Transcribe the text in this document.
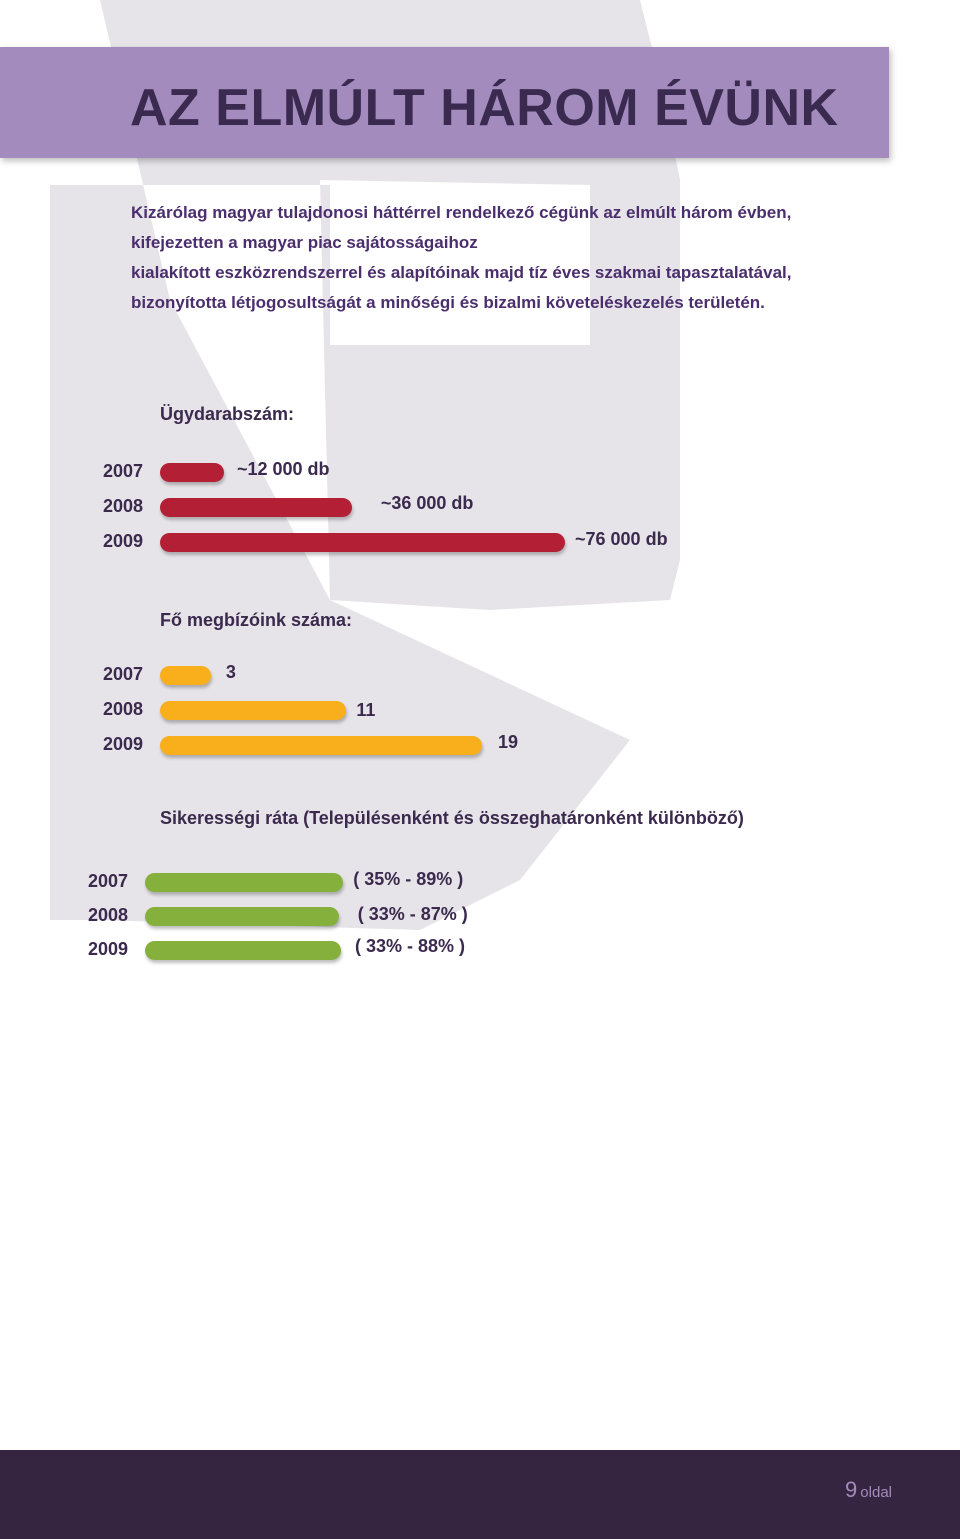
AZ ELMÚLT HÁROM ÉVÜNK
Kizárólag magyar tulajdonosi háttérrel rendelkező cégünk az elmúlt három évben,
kifejezetten a magyar piac sajátosságaihoz
kialakított eszközrendszerrel és alapítóinak majd tíz éves szakmai tapasztalatával,
bizonyította létjogosultságát a minőségi és bizalmi követeléskezelés területén.
Ügydarabszám:
2007	~12 000 db
2008	~36 000 db
2009	~76 000 db
Fő megbízóink száma:
2007	3
2008	11
2009	19
Sikerességi ráta (Településenként és összeghatáronként különböző)
2007	( 35% - 89% )
2008	( 33% - 87% )
2009	( 33% - 88% )
9 oldal
